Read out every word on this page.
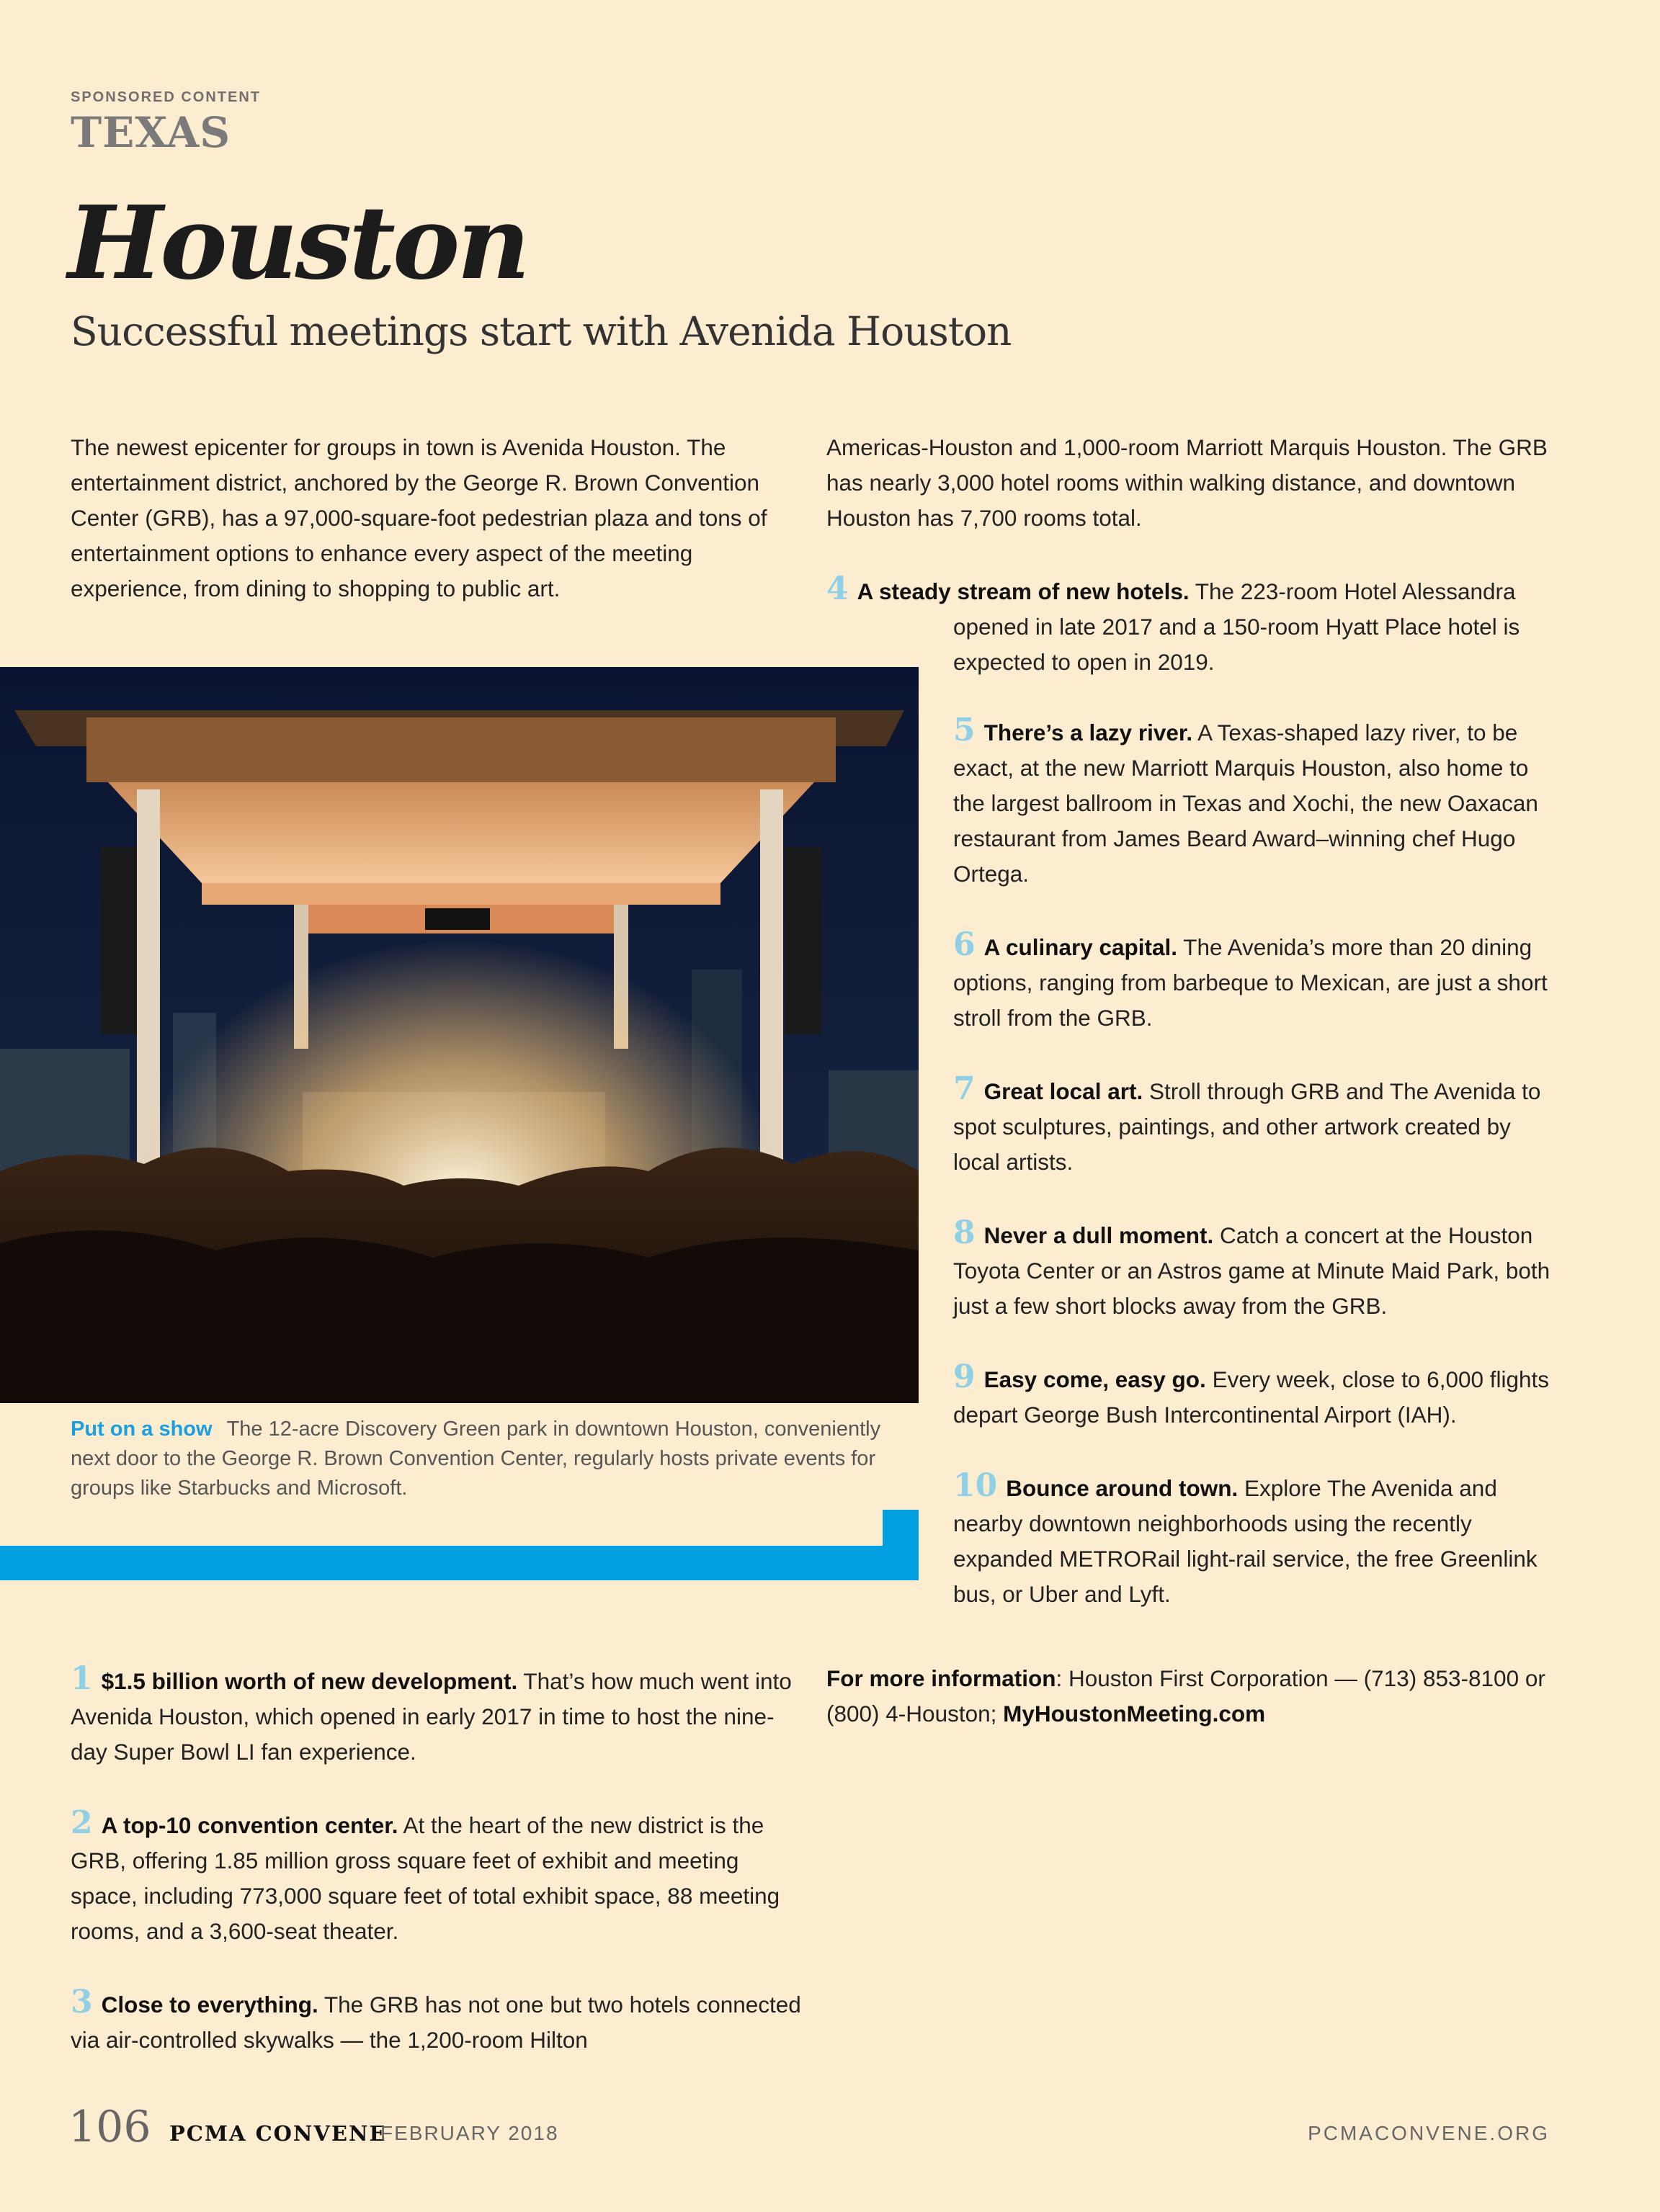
SPONSORED CONTENT
TEXAS
Houston
Successful meetings start with Avenida Houston

The newest epicenter for groups in town is Avenida Houston. The entertainment district, anchored by the George R. Brown Convention Center (GRB), has a 97,000-square-foot pedestrian plaza and tons of entertainment options to enhance every aspect of the meeting experience, from dining to shopping to public art.

Americas-Houston and 1,000-room Marriott Marquis Houston. The GRB has nearly 3,000 hotel rooms within walking distance, and downtown Houston has 7,700 rooms total.

4 A steady stream of new hotels. The 223-room Hotel Alessandra opened in late 2017 and a 150-room Hyatt Place hotel is expected to open in 2019.

5 There’s a lazy river. A Texas-shaped lazy river, to be exact, at the new Marriott Marquis Houston, also home to the largest ballroom in Texas and Xochi, the new Oaxacan restaurant from James Beard Award–winning chef Hugo Ortega.

6 A culinary capital. The Avenida’s more than 20 dining options, ranging from barbeque to Mexican, are just a short stroll from the GRB.

7 Great local art. Stroll through GRB and The Avenida to spot sculptures, paintings, and other artwork created by local artists.

8 Never a dull moment. Catch a concert at the Houston Toyota Center or an Astros game at Minute Maid Park, both just a few short blocks away from the GRB.

9 Easy come, easy go. Every week, close to 6,000 flights depart George Bush Intercontinental Airport (IAH).

10 Bounce around town. Explore The Avenida and nearby downtown neighborhoods using the recently expanded METRORail light-rail service, the free Greenlink bus, or Uber and Lyft.

Put on a show The 12-acre Discovery Green park in downtown Houston, conveniently next door to the George R. Brown Convention Center, regularly hosts private events for groups like Starbucks and Microsoft.

1 $1.5 billion worth of new development. That’s how much went into Avenida Houston, which opened in early 2017 in time to host the nine-day Super Bowl LI fan experience.

2 A top-10 convention center. At the heart of the new district is the GRB, offering 1.85 million gross square feet of exhibit and meeting space, including 773,000 square feet of total exhibit space, 88 meeting rooms, and a 3,600-seat theater.

3 Close to everything. The GRB has not one but two hotels connected via air-controlled skywalks — the 1,200-room Hilton

For more information: Houston First Corporation — (713) 853-8100 or (800) 4-Houston; MyHoustonMeeting.com

106 PCMA CONVENE
FEBRUARY 2018	PCMACONVENE.ORG
